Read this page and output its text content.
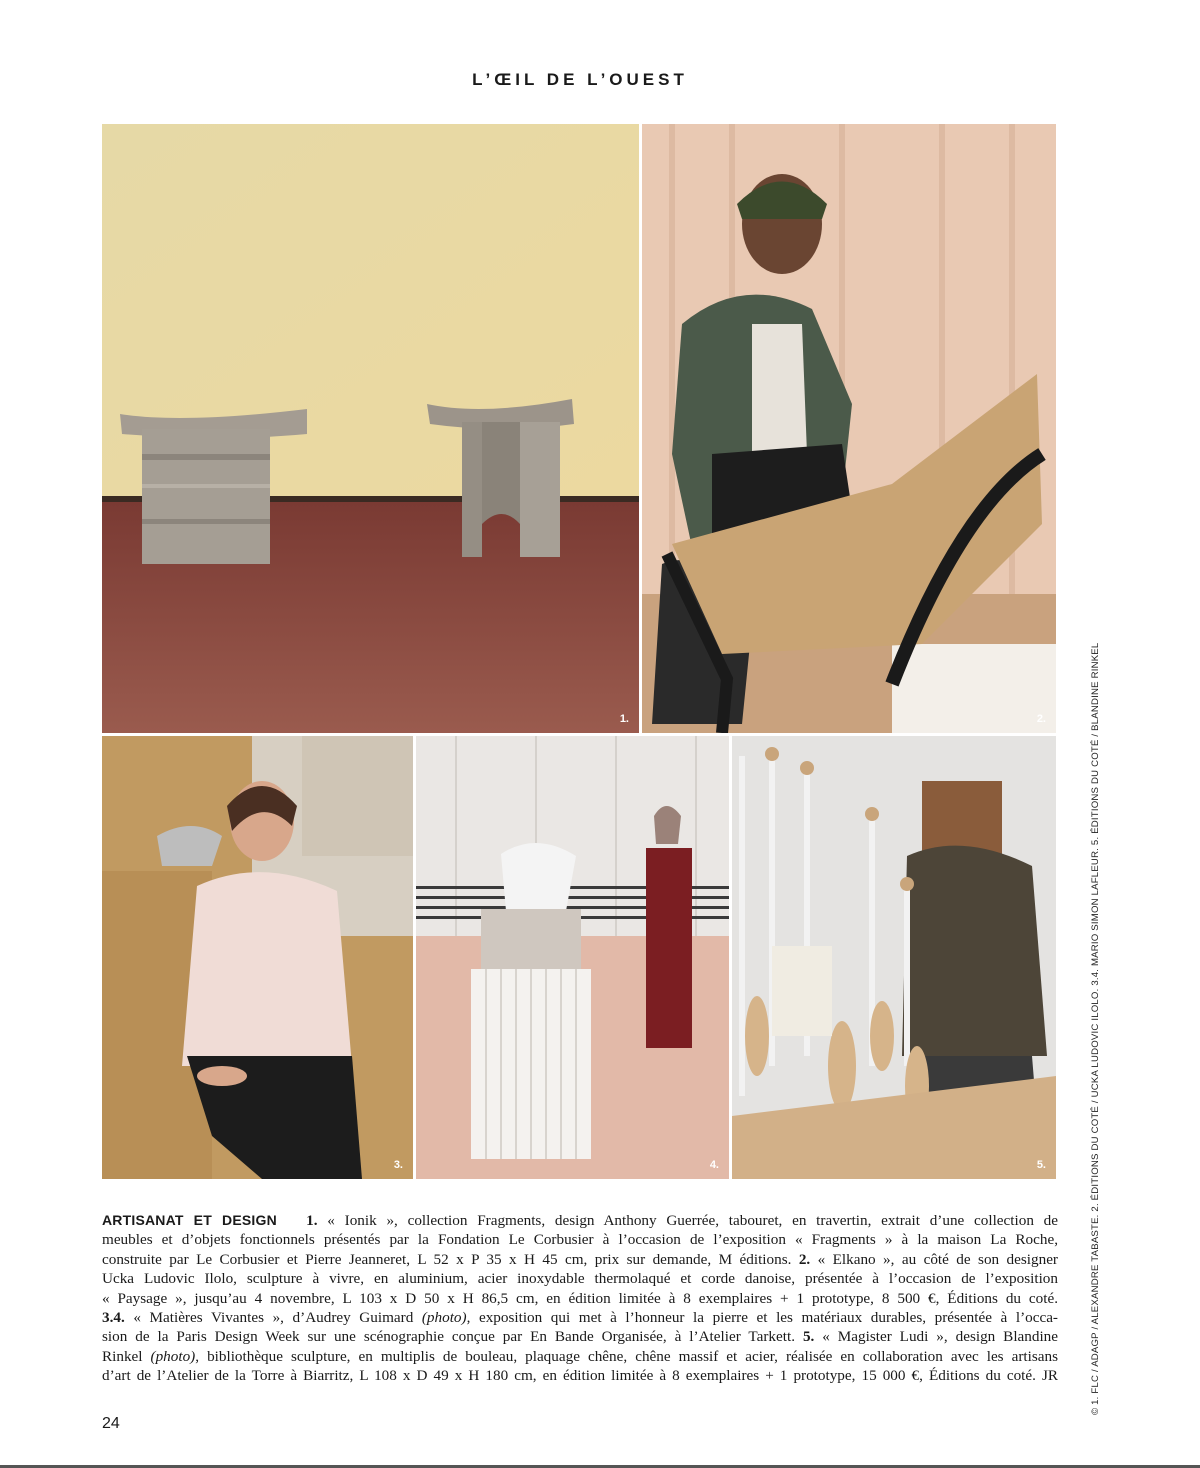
L’ŒIL DE L’OUEST
1.	2.
3.	4.	5.	© 1. FLC / ADAGP / ALEXANDRE TABASTE. 2. ÉDITIONS DU COTÉ / UCKA LUDOVIC ILOLO. 3.4. MARIO SIMON LAFLEUR. 5. ÉDITIONS DU COTÉ / BLANDINE RINKEL
ARTISANAT ET DESIGN 1. « Ionik », collection Fragments, design Anthony Guerrée, tabouret, en travertin, extrait d’une collection de
meubles et d’objets fonctionnels présentés par la Fondation Le Corbusier à l’occasion de l’exposition « Fragments » à la maison La Roche,
construite par Le Corbusier et Pierre Jeanneret, L 52 x P 35 x H 45 cm, prix sur demande, M éditions. 2. « Elkano », au côté de son designer
Ucka Ludovic Ilolo, sculpture à vivre, en aluminium, acier inoxydable thermolaqué et corde danoise, présentée à l’occasion de l’exposition
« Paysage », jusqu’au 4 novembre, L 103 x D 50 x H 86,5 cm, en édition limitée à 8 exemplaires + 1 prototype, 8 500 €, Éditions du coté.
3.4. « Matières Vivantes », d’Audrey Guimard (photo), exposition qui met à l’honneur la pierre et les matériaux durables, présentée à l’occa-
sion de la Paris Design Week sur une scénographie conçue par En Bande Organisée, à l’Atelier Tarkett. 5. « Magister Ludi », design Blandine
Rinkel (photo), bibliothèque sculpture, en multiplis de bouleau, plaquage chêne, chêne massif et acier, réalisée en collaboration avec les artisans
d’art de l’Atelier de la Torre à Biarritz, L 108 x D 49 x H 180 cm, en édition limitée à 8 exemplaires + 1 prototype, 15 000 €, Éditions du coté. JR
24
